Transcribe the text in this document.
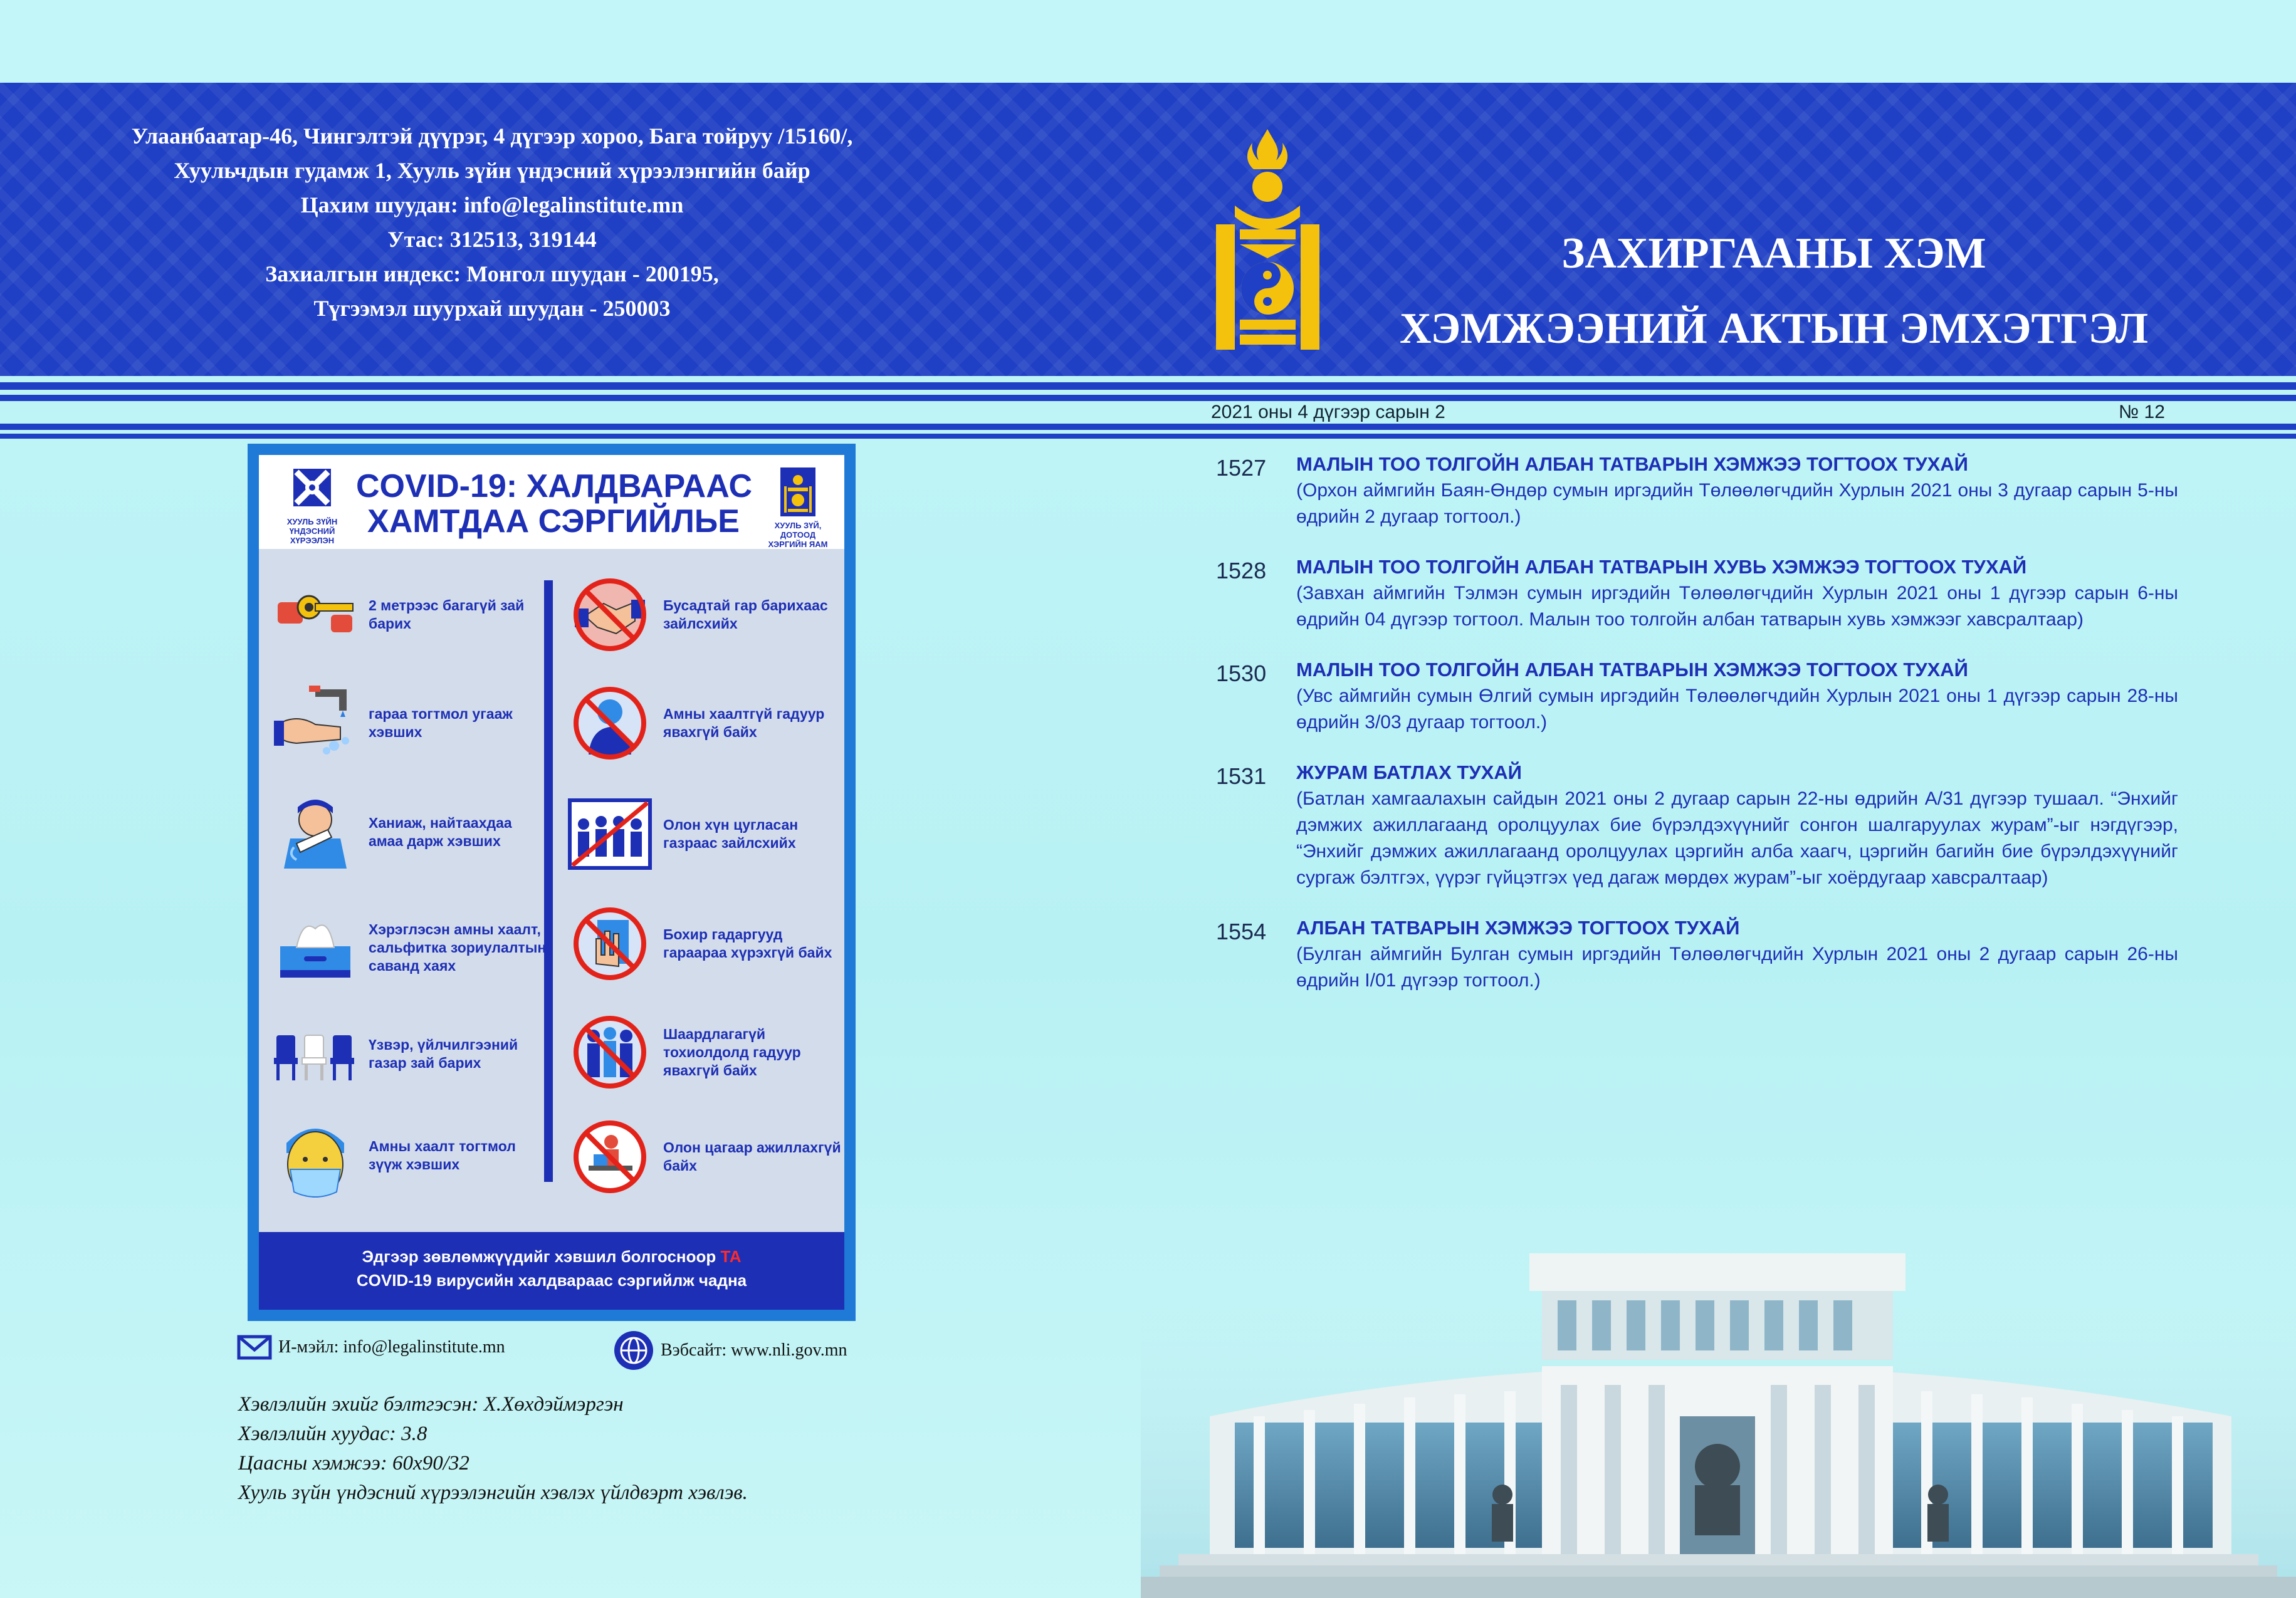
Улаанбаатар-46, Чингэлтэй дүүрэг, 4 дүгээр хороо, Бага тойруу /15160/,
Хуульчдын гудамж 1, Хууль зүйн үндэсний хүрээлэнгийн байр
Цахим шуудан: info@legalinstitute.mn
Утас: 312513, 319144
Захиалгын индекс: Монгол шуудан - 200195,
Түгээмэл шуурхай шуудан - 250003
ЗАХИРГААНЫ ХЭМ
ХЭМЖЭЭНИЙ АКТЫН ЭМХЭТГЭЛ
2021 оны 4 дүгээр сарын 2	№ 12
1527 МАЛЫН ТОО ТОЛГОЙН АЛБАН ТАТВАРЫН ХЭМЖЭЭ ТОГТООХ ТУХАЙ
(Орхон аймгийн Баян-Өндөр сумын иргэдийн Төлөөлөгчдийн Хурлын 2021 оны 3 дугаар сарын 5-ны өдрийн 2 дугаар тогтоол.)
1528 МАЛЫН ТОО ТОЛГОЙН АЛБАН ТАТВАРЫН ХУВЬ ХЭМЖЭЭ ТОГТООХ ТУХАЙ
(Завхан аймгийн Тэлмэн сумын иргэдийн Төлөөлөгчдийн Хурлын 2021 оны 1 дүгээр сарын 6-ны өдрийн 04 дүгээр тогтоол. Малын тоо толгойн албан татварын хувь хэмжээг хавсралтаар)
1530 МАЛЫН ТОО ТОЛГОЙН АЛБАН ТАТВАРЫН ХЭМЖЭЭ ТОГТООХ ТУХАЙ
(Увс аймгийн сумын Өлгий сумын иргэдийн Төлөөлөгчдийн Хурлын 2021 оны 1 дүгээр сарын 28-ны өдрийн 3/03 дугаар тогтоол.)
1531 ЖУРАМ БАТЛАХ ТУХАЙ
(Батлан хамгаалахын сайдын 2021 оны 2 дугаар сарын 22-ны өдрийн А/31 дүгээр тушаал. “Энхийг дэмжих ажиллагаанд оролцуулах бие бүрэлдэхүүнийг сонгон шалгаруулах журам”-ыг нэгдүгээр, “Энхийг дэмжих ажиллагаанд оролцуулах цэргийн алба хаагч, цэргийн багийн бие бүрэлдэхүүнийг сургаж бэлтгэх, үүрэг гүйцэтгэх үед дагаж мөрдөх журам”-ыг хоёрдугаар хавсралтаар)
1554 АЛБАН ТАТВАРЫН ХЭМЖЭЭ ТОГТООХ ТУХАЙ
(Булган аймгийн Булган сумын иргэдийн Төлөөлөгчдийн Хурлын 2021 оны 2 дугаар сарын 26-ны өдрийн I/01 дүгээр тогтоол.)
ХУУЛЬ ЗҮЙН ҮНДЭСНИЙ ХҮРЭЭЛЭН
COVID-19: ХАЛДВАРААС
ХАМТДАА СЭРГИЙЛЬЕ	ХУУЛЬ ЗҮЙ, ДОТООД ХЭРГИЙН ЯАМ
2 метрээс багагүй зай барих
гараа тогтмол угааж хэвших
Ханиаж, найтаахдаа амаа дарж хэвших
Хэрэглэсэн амны хаалт, сальфитка зориулалтын саванд хаях
Үзвэр, үйлчилгээний газар зай барих
Амны хаалт тогтмол зүүж хэвших
Бусадтай гар барихаас зайлсхийх
Амны хаалтгүй гадуур явахгүй байх
Олон хүн цугласан газраас зайлсхийх
Бохир гадаргууд гараараа хүрэхгүй байх
Шаардлагагүй тохиолдолд гадуур явахгүй байх
Олон цагаар ажиллахгүй байх
Эдгээр зөвлөмжүүдийг хэвшил болгосноор ТА
COVID-19 вирусийн халдвараас сэргийлж чадна
И-мэйл: info@legalinstitute.mn	Вэбсайт: www.nli.gov.mn
Хэвлэлийн эхийг бэлтгэсэн: Х.Хөхдэймэргэн
Хэвлэлийн хуудас: 3.8
Цаасны хэмжээ: 60х90/32
Хууль зүйн үндэсний хүрээлэнгийн хэвлэх үйлдвэрт хэвлэв.
